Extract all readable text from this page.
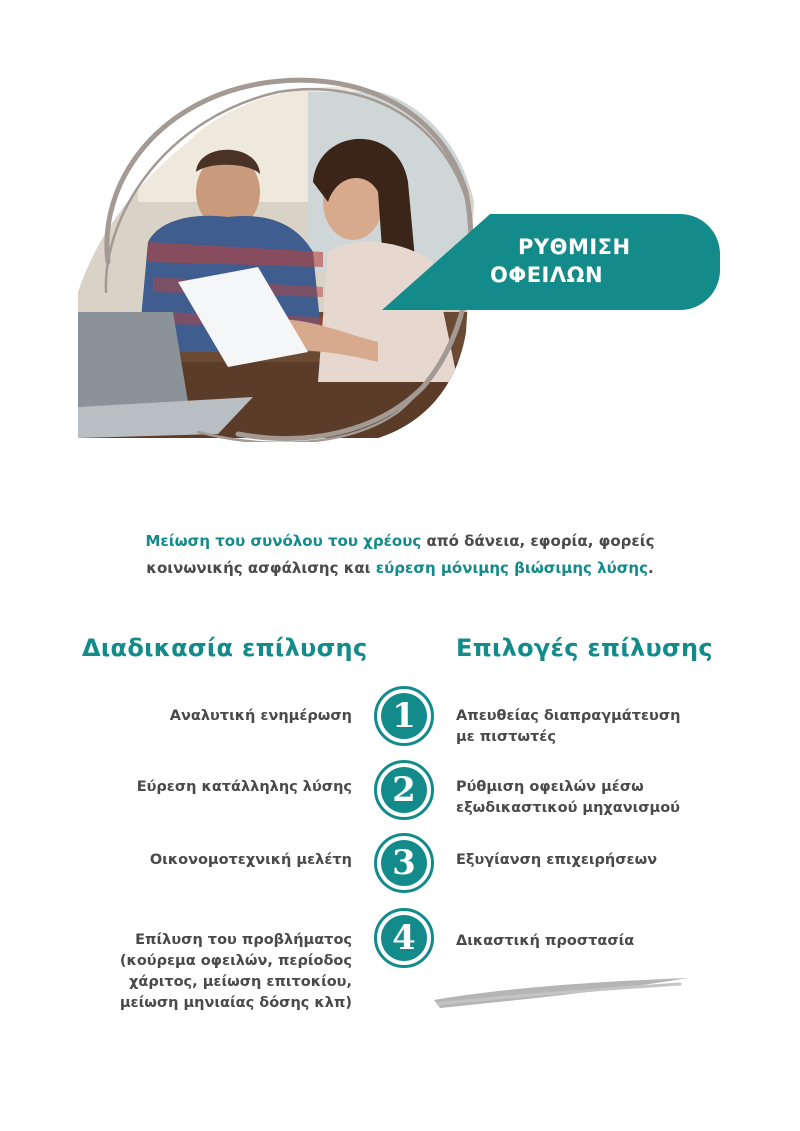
ΡΥΘΜΙΣΗ
ΟΦΕΙΛΩΝ
Μείωση του συνόλου του χρέους από δάνεια, εφορία, φορείς
κοινωνικής ασφάλισης και εύρεση μόνιμης βιώσιμης λύσης.
Διαδικασία επίλυσης	Επιλογές επίλυσης
Αναλυτική ενημέρωση	1	Απευθείας διαπραγμάτευση
με πιστωτές
Εύρεση κατάλληλης λύσης	2	Ρύθμιση οφειλών μέσω
εξωδικαστικού μηχανισμού
Οικονομοτεχνική μελέτη	3	Εξυγίανση επιχειρήσεων
Επίλυση του προβλήματος
(κούρεμα οφειλών, περίοδος
χάριτος, μείωση επιτοκίου,
μείωση μηνιαίας δόσης κλπ)
4	Δικαστική προστασία
